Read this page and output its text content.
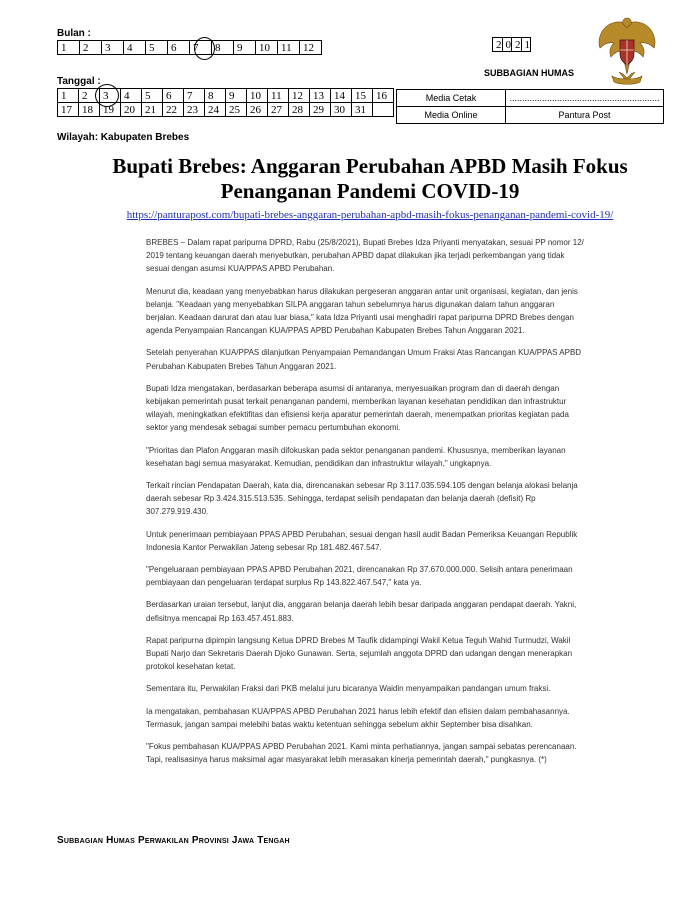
Bulan :
1	2	3	4	5	6	7	8	9	10	11	12	2	0	2	1
SUBBAGIAN HUMAS
Tanggal :
1	2	3	4	5	6	7	8	9	10	11	12	13	14	15	16
17	18	19	20	21	22	23	24	25	26	27	28	29	30	31	
Media Cetak	............................................................
Media Online	Pantura Post
Wilayah: Kabupaten Brebes
Bupati Brebes: Anggaran Perubahan APBD Masih Fokus
Penanganan Pandemi COVID-19
https://panturapost.com/bupati-brebes-anggaran-perubahan-apbd-masih-fokus-penanganan-pandemi-covid-19/

BREBES – Dalam rapat paripurna DPRD, Rabu (25/8/2021), Bupati Brebes Idza Priyanti menyatakan, sesuai PP nomor 12/ 2019 tentang keuangan daerah menyebutkan, perubahan APBD dapat dilakukan jika terjadi perkembangan yang tidak sesuai dengan asumsi KUA/PPAS APBD Perubahan.

Menurut dia, keadaan yang menyebabkan harus dilakukan pergeseran anggaran antar unit organisasi, kegiatan, dan jenis belanja. "Keadaan yang menyebabkan SILPA anggaran tahun sebelumnya harus digunakan dalam tahun anggaran berjalan. Keadaan darurat dan atau luar biasa," kata Idza Priyanti usai menghadiri rapat paripurna DPRD Brebes dengan agenda Penyampaian Rancangan KUA/PPAS APBD Perubahan Kabupaten Brebes Tahun Anggaran 2021.

Setelah penyerahan KUA/PPAS dilanjutkan Penyampaian Pemandangan Umum Fraksi Atas Rancangan KUA/PPAS APBD Perubahan Kabupaten Brebes Tahun Anggaran 2021.

Bupati Idza mengatakan, berdasarkan beberapa asumsi di antaranya, menyesuaikan program dan di daerah dengan kebijakan pemerintah pusat terkait penanganan pandemi, memberikan layanan kesehatan pendidikan dan infrastruktur wilayah, meningkatkan efektifitas dan efisiensi kerja aparatur pemerintah daerah, menempatkan prioritas kegiatan pada sektor yang mendesak sebagai sumber pemacu pertumbuhan ekonomi.

"Prioritas dan Plafon Anggaran masih difokuskan pada sektor penanganan pandemi. Khususnya, memberikan layanan kesehatan bagi semua masyarakat. Kemudian, pendidikan dan infrastruktur wilayah," ungkapnya.

Terkait rincian Pendapatan Daerah, kata dia, direncanakan sebesar Rp 3.117.035.594.105 dengan belanja alokasi belanja daerah sebesar Rp 3.424.315.513.535. Sehingga, terdapat selisih pendapatan dan belanja daerah (defisit) Rp 307.279.919.430.

Untuk penerimaan pembiayaan PPAS APBD Perubahan, sesuai dengan hasil audit Badan Pemeriksa Keuangan Republik Indonesia Kantor Perwakilan Jateng sebesar Rp 181.482.467.547.

"Pengeluaraan pembiayaan PPAS APBD Perubahan 2021, direncanakan Rp 37.670.000.000. Selisih antara penerimaan pembiayaan dan pengeluaran terdapat surplus Rp 143.822.467.547," kata ya.

Berdasarkan uraian tersebut, lanjut dia, anggaran belanja daerah lebih besar daripada anggaran pendapat daerah. Yakni, defisitnya mencapai Rp 163.457.451.883.

Rapat paripurna dipimpin langsung Ketua DPRD Brebes M Taufik didampingi Wakil Ketua Teguh Wahid Turmudzi, Wakil Bupati Narjo dan Sekretaris Daerah Djoko Gunawan. Serta, sejumlah anggota DPRD dan udangan dengan menerapkan protokol kesehatan ketat.

Sementara itu, Perwakilan Fraksi dari PKB melalui juru bicaranya Waidin menyampaikan pandangan umum fraksi.

Ia mengatakan, pembahasan KUA/PPAS APBD Perubahan 2021 harus lebih efektif dan efisien dalam pembahasannya. Termasuk, jangan sampai melebihi batas waktu ketentuan sehingga sebelum akhir September bisa disahkan.

"Fokus pembahasan KUA/PPAS APBD Perubahan 2021. Kami minta perhatiannya, jangan sampai sebatas perencanaan. Tapi, realisasinya harus maksimal agar masyarakat lebih merasakan kinerja pemerintah daerah," pungkasnya. (*)

Subbagian Humas Perwakilan Provinsi Jawa Tengah
